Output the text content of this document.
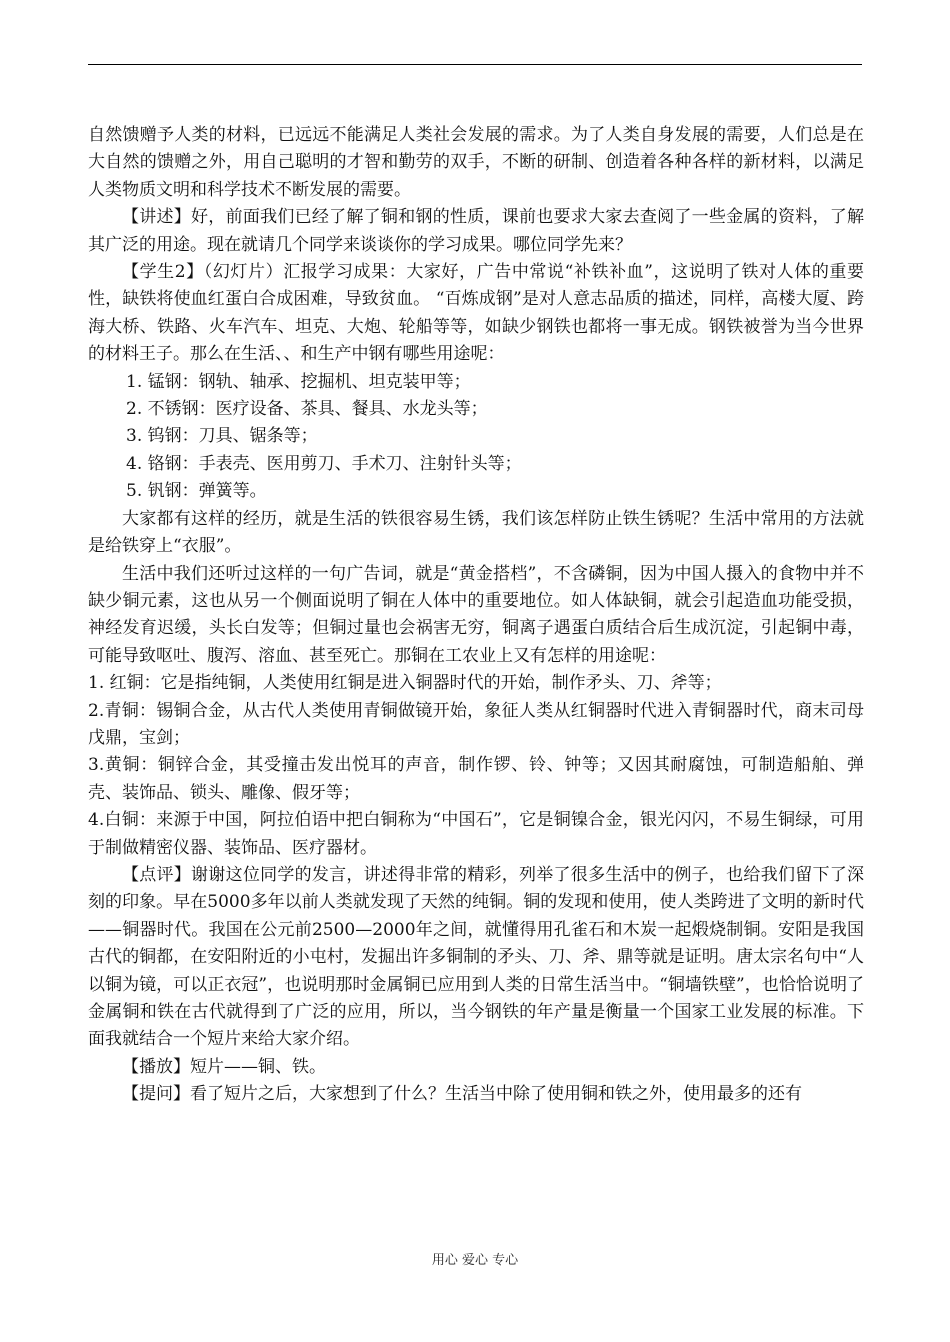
自然馈赠予人类的材料，已远远不能满足人类社会发展的需求。为了人类自身发展的需要，人们总是在大自然的馈赠之外，用自己聪明的才智和勤劳的双手，不断的研制、创造着各种各样的新材料，以满足人类物质文明和科学技术不断发展的需要。

【讲述】好，前面我们已经了解了铜和钢的性质，课前也要求大家去查阅了一些金属的资料，了解其广泛的用途。现在就请几个同学来谈谈你的学习成果。哪位同学先来？

【学生2】（幻灯片）汇报学习成果：大家好，广告中常说“补铁补血”，这说明了铁对人体的重要性，缺铁将使血红蛋白合成困难，导致贫血。 “百炼成钢”是对人意志品质的描述，同样，高楼大厦、跨海大桥、铁路、火车汽车、坦克、大炮、轮船等等，如缺少钢铁也都将一事无成。钢铁被誉为当今世界的材料王子。那么在生活、、和生产中钢有哪些用途呢：

1. 锰钢：钢轨、轴承、挖掘机、坦克装甲等；

2. 不锈钢：医疗设备、茶具、餐具、水龙头等；

3. 钨钢：刀具、锯条等；

4. 铬钢：手表壳、医用剪刀、手术刀、注射针头等；

5. 钒钢：弹簧等。

大家都有这样的经历，就是生活的铁很容易生锈，我们该怎样防止铁生锈呢？生活中常用的方法就是给铁穿上“衣服”。

生活中我们还听过这样的一句广告词，就是“黄金搭档”，不含磷铜，因为中国人摄入的食物中并不缺少铜元素，这也从另一个侧面说明了铜在人体中的重要地位。如人体缺铜，就会引起造血功能受损，神经发育迟缓，头长白发等；但铜过量也会祸害无穷，铜离子遇蛋白质结合后生成沉淀，引起铜中毒，可能导致呕吐、腹泻、溶血、甚至死亡。那铜在工农业上又有怎样的用途呢：

1. 红铜：它是指纯铜，人类使用红铜是进入铜器时代的开始，制作矛头、刀、斧等；

2.青铜：锡铜合金，从古代人类使用青铜做镜开始，象征人类从红铜器时代进入青铜器时代，商末司母戊鼎，宝剑；

3.黄铜：铜锌合金，其受撞击发出悦耳的声音，制作锣、铃、钟等；又因其耐腐蚀，可制造船舶、弹壳、装饰品、锁头、雕像、假牙等；

4.白铜：来源于中国，阿拉伯语中把白铜称为“中国石”，它是铜镍合金，银光闪闪，不易生铜绿，可用于制做精密仪器、装饰品、医疗器材。

【点评】谢谢这位同学的发言，讲述得非常的精彩，列举了很多生活中的例子，也给我们留下了深刻的印象。早在5000多年以前人类就发现了天然的纯铜。铜的发现和使用，使人类跨进了文明的新时代——铜器时代。我国在公元前2500—2000年之间，就懂得用孔雀石和木炭一起煅烧制铜。安阳是我国古代的铜都，在安阳附近的小屯村，发掘出许多铜制的矛头、刀、斧、鼎等就是证明。唐太宗名句中“人以铜为镜，可以正衣冠”，也说明那时金属铜已应用到人类的日常生活当中。“铜墙铁壁”，也恰恰说明了金属铜和铁在古代就得到了广泛的应用，所以，当今钢铁的年产量是衡量一个国家工业发展的标准。下面我就结合一个短片来给大家介绍。

【播放】短片——铜、铁。

【提问】看了短片之后，大家想到了什么？生活当中除了使用铜和铁之外，使用最多的还有

用心 爱心 专心
